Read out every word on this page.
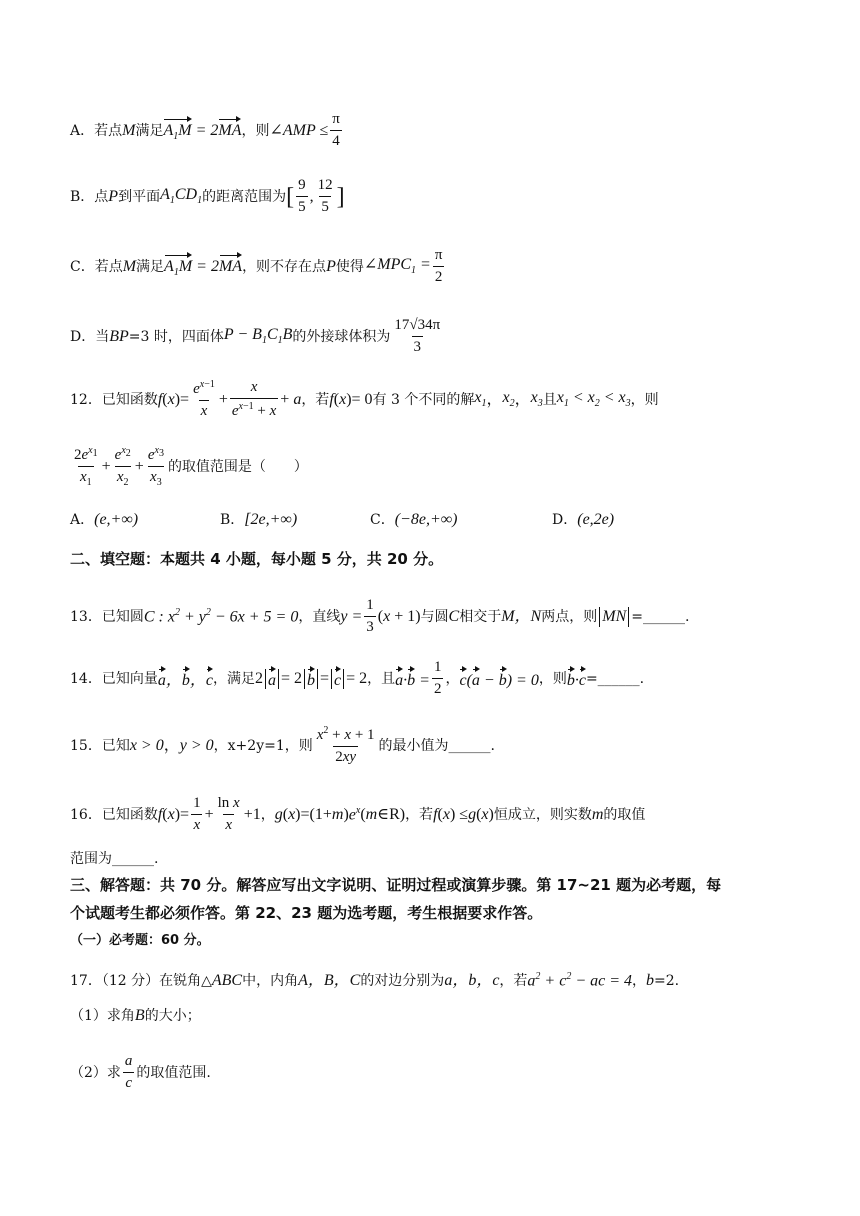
A．若点 M 满足 $A_1M = 2MA$ ，则 ∠AMP ≤ $\frac{\pi}{4}$
B．点 P 到平面 $A_1CD_1$ 的距离范围为 [ $\frac{9}{5}$ , $\frac{12}{5}$ ]
C．若点 M 满足 $A_1M = 2MA$ ，则不存在点 P 使得 $\angle MPC_1 = \frac{\pi}{2}$
D．当 BP =3 时，四面体 $P - B_1C_1B$ 的外接球体积为 $\frac{17√34\pi}{3}$
12．已知函数 f ( x )= $\frac{e^{x-1}}{x} + \frac{x}{e^{x-1} + x} + a$ ，若 f ( x )= 0 有 3 个不同的解 $x_1$ ， $x_2$ ， $x_3$ 且 $x_1 < x_2 < x_3$ ，则
$\frac{2e^{x_1}}{x_1} + \frac{e^{x_2}}{x_2} + \frac{e^{x_3}}{x_3}$ 的取值范围是（　　）
A． (e,+∞)	B． [2e,+∞)	C． (−8e,+∞)	D． (e,2e)
二、填空题：本题共 4 小题，每小题 5 分，共 20 分。
13．已知圆 C : $x^2 + y^2 - 6x + 5 = 0$ ，直线 $y = \frac{1}{3} (x + 1)$ 与圆 C 相交于 M，N 两点，则 MN =______.
14．已知向量 a，b，c ，满足 2 a = 2 b = c = 2 ，且 $a\cdot b = \frac{1}{2}$ ， c(a − b) = 0 ，则 b·c =______.
15．已知 x > 0 ， y > 0 ，x+2y=1，则 $\frac{x^2 + x + 1}{2xy}$ 的最小值为______.
16．已知函数 f ( x )= $\frac{1}{x} + \frac{\text{ln x}}{x} +1$ ， g ( x )=(1+ m ) $e^x$ ( m ∈R) ，若 f ( x ) ≤ g ( x ) 恒成立，则实数 m 的取值
范围为______.
三、解答题：共 70 分。解答应写出文字说明、证明过程或演算步骤。第 17~21 题为必考题，每
个试题考生都必须作答。第 22、23 题为选考题，考生根据要求作答。
（一）必考题：60 分。
17．（12 分）在锐角△ ABC 中，内角 A，B，C 的对边分别为 a，b，c ，若 $a^2 + c^2$ − ac = 4 ， b =2.
（1）求角 B 的大小；
（2）求 $\frac{a}{c}$ 的取值范围.
